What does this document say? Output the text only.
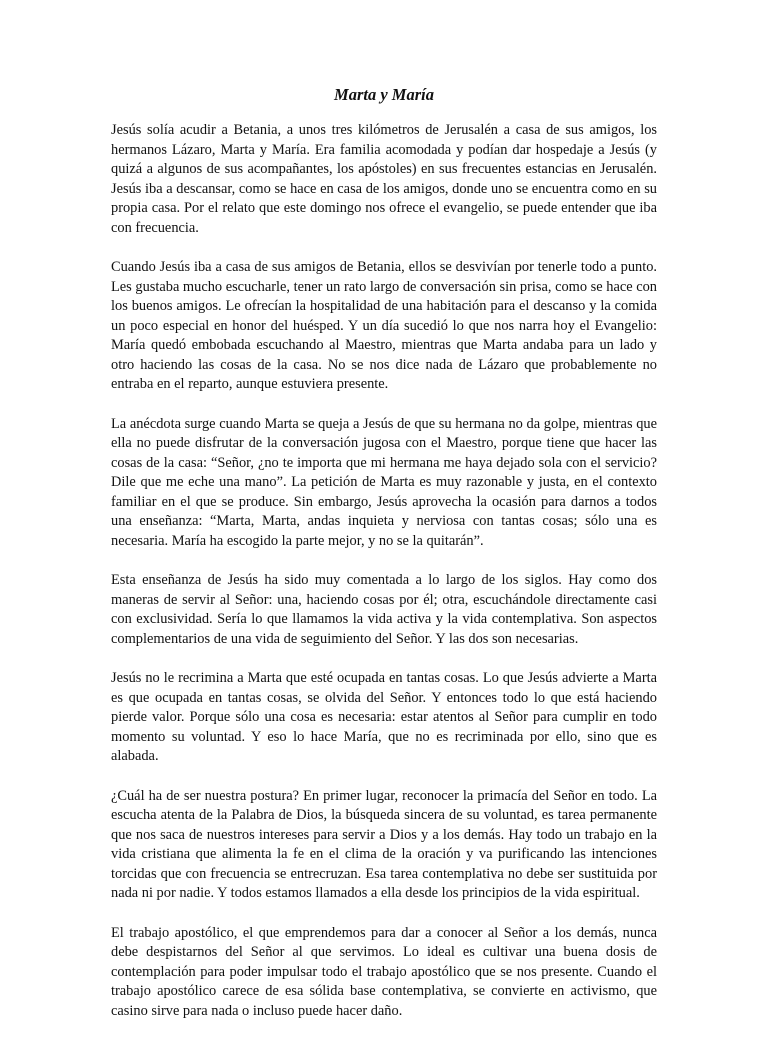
Marta y María

Jesús solía acudir a Betania, a unos tres kilómetros de Jerusalén a casa de sus amigos, los hermanos Lázaro, Marta y María. Era familia acomodada y podían dar hospedaje a Jesús (y quizá a algunos de sus acompañantes, los apóstoles) en sus frecuentes estancias en Jerusalén. Jesús iba a descansar, como se hace en casa de los amigos, donde uno se encuentra como en su propia casa. Por el relato que este domingo nos ofrece el evangelio, se puede entender que iba con frecuencia.

Cuando Jesús iba a casa de sus amigos de Betania, ellos se desvivían por tenerle todo a punto. Les gustaba mucho escucharle, tener un rato largo de conversación sin prisa, como se hace con los buenos amigos. Le ofrecían la hospitalidad de una habitación para el descanso y la comida un poco especial en honor del huésped. Y un día sucedió lo que nos narra hoy el Evangelio: María quedó embobada escuchando al Maestro, mientras que Marta andaba para un lado y otro haciendo las cosas de la casa. No se nos dice nada de Lázaro que probablemente no entraba en el reparto, aunque estuviera presente.

La anécdota surge cuando Marta se queja a Jesús de que su hermana no da golpe, mientras que ella no puede disfrutar de la conversación jugosa con el Maestro, porque tiene que hacer las cosas de la casa: “Señor, ¿no te importa que mi hermana me haya dejado sola con el servicio? Dile que me eche una mano”. La petición de Marta es muy razonable y justa, en el contexto familiar en el que se produce. Sin embargo, Jesús aprovecha la ocasión para darnos a todos una enseñanza: “Marta, Marta, andas inquieta y nerviosa con tantas cosas; sólo una es necesaria. María ha escogido la parte mejor, y no se la quitarán”.

Esta enseñanza de Jesús ha sido muy comentada a lo largo de los siglos. Hay como dos maneras de servir al Señor: una, haciendo cosas por él; otra, escuchándole directamente casi con exclusividad. Sería lo que llamamos la vida activa y la vida contemplativa. Son aspectos complementarios de una vida de seguimiento del Señor. Y las dos son necesarias.

Jesús no le recrimina a Marta que esté ocupada en tantas cosas. Lo que Jesús advierte a Marta es que ocupada en tantas cosas, se olvida del Señor. Y entonces todo lo que está haciendo pierde valor. Porque sólo una cosa es necesaria: estar atentos al Señor para cumplir en todo momento su voluntad. Y eso lo hace María, que no es recriminada por ello, sino que es alabada.

¿Cuál ha de ser nuestra postura? En primer lugar, reconocer la primacía del Señor en todo. La escucha atenta de la Palabra de Dios, la búsqueda sincera de su voluntad, es tarea permanente que nos saca de nuestros intereses para servir a Dios y a los demás. Hay todo un trabajo en la vida cristiana que alimenta la fe en el clima de la oración y va purificando las intenciones torcidas que con frecuencia se entrecruzan. Esa tarea contemplativa no debe ser sustituida por nada ni por nadie. Y todos estamos llamados a ella desde los principios de la vida espiritual.

El trabajo apostólico, el que emprendemos para dar a conocer al Señor a los demás, nunca debe despistarnos del Señor al que servimos. Lo ideal es cultivar una buena dosis de contemplación para poder impulsar todo el trabajo apostólico que se nos presente. Cuando el trabajo apostólico carece de esa sólida base contemplativa, se convierte en activismo, que casino sirve para nada o incluso puede hacer daño.
